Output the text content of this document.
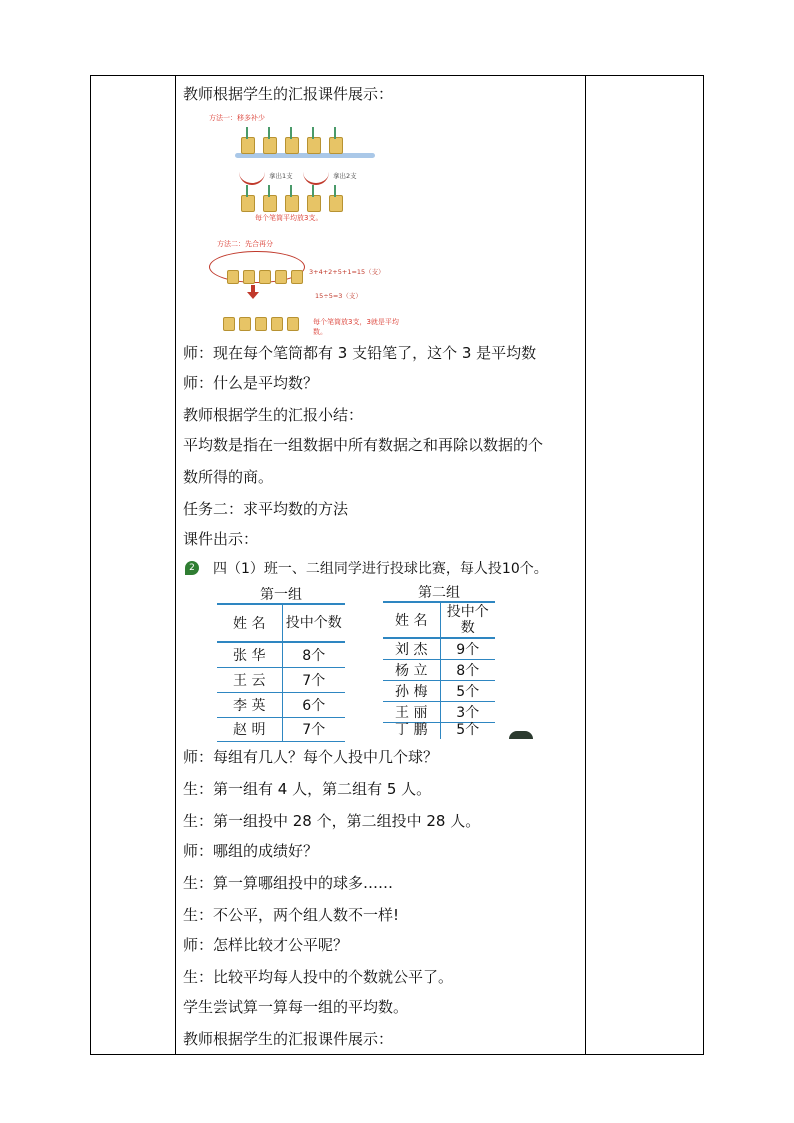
教师根据学生的汇报课件展示：
方法一：移多补少
拿出1支	拿出2支
每个笔筒平均放3支。
方法二：先合再分
3+4+2+5+1=15（支）
15÷5=3（支）
每个笔筒放3支，3就是平均数。
师：现在每个笔筒都有 3 支铅笔了，这个 3 是平均数
师：什么是平均数？
教师根据学生的汇报小结：
平均数是指在一组数据中所有数据之和再除以数据的个
数所得的商。
任务二：求平均数的方法
课件出示：
2 四（1）班一、二组同学进行投球比赛，每人投10个。
第一组
姓 名	投中个数
张 华	8个
王 云	7个
李 英	6个
赵 明	7个
第二组
姓 名	投中个数
刘 杰	9个
杨 立	8个
孙 梅	5个
王 丽	3个
丁 鹏	5个
师：每组有几人？每个人投中几个球？
生：第一组有 4 人，第二组有 5 人。
生：第一组投中 28 个，第二组投中 28 人。
师：哪组的成绩好？
生：算一算哪组投中的球多……
生：不公平，两个组人数不一样!
师：怎样比较才公平呢？
生：比较平均每人投中的个数就公平了。
学生尝试算一算每一组的平均数。
教师根据学生的汇报课件展示：
